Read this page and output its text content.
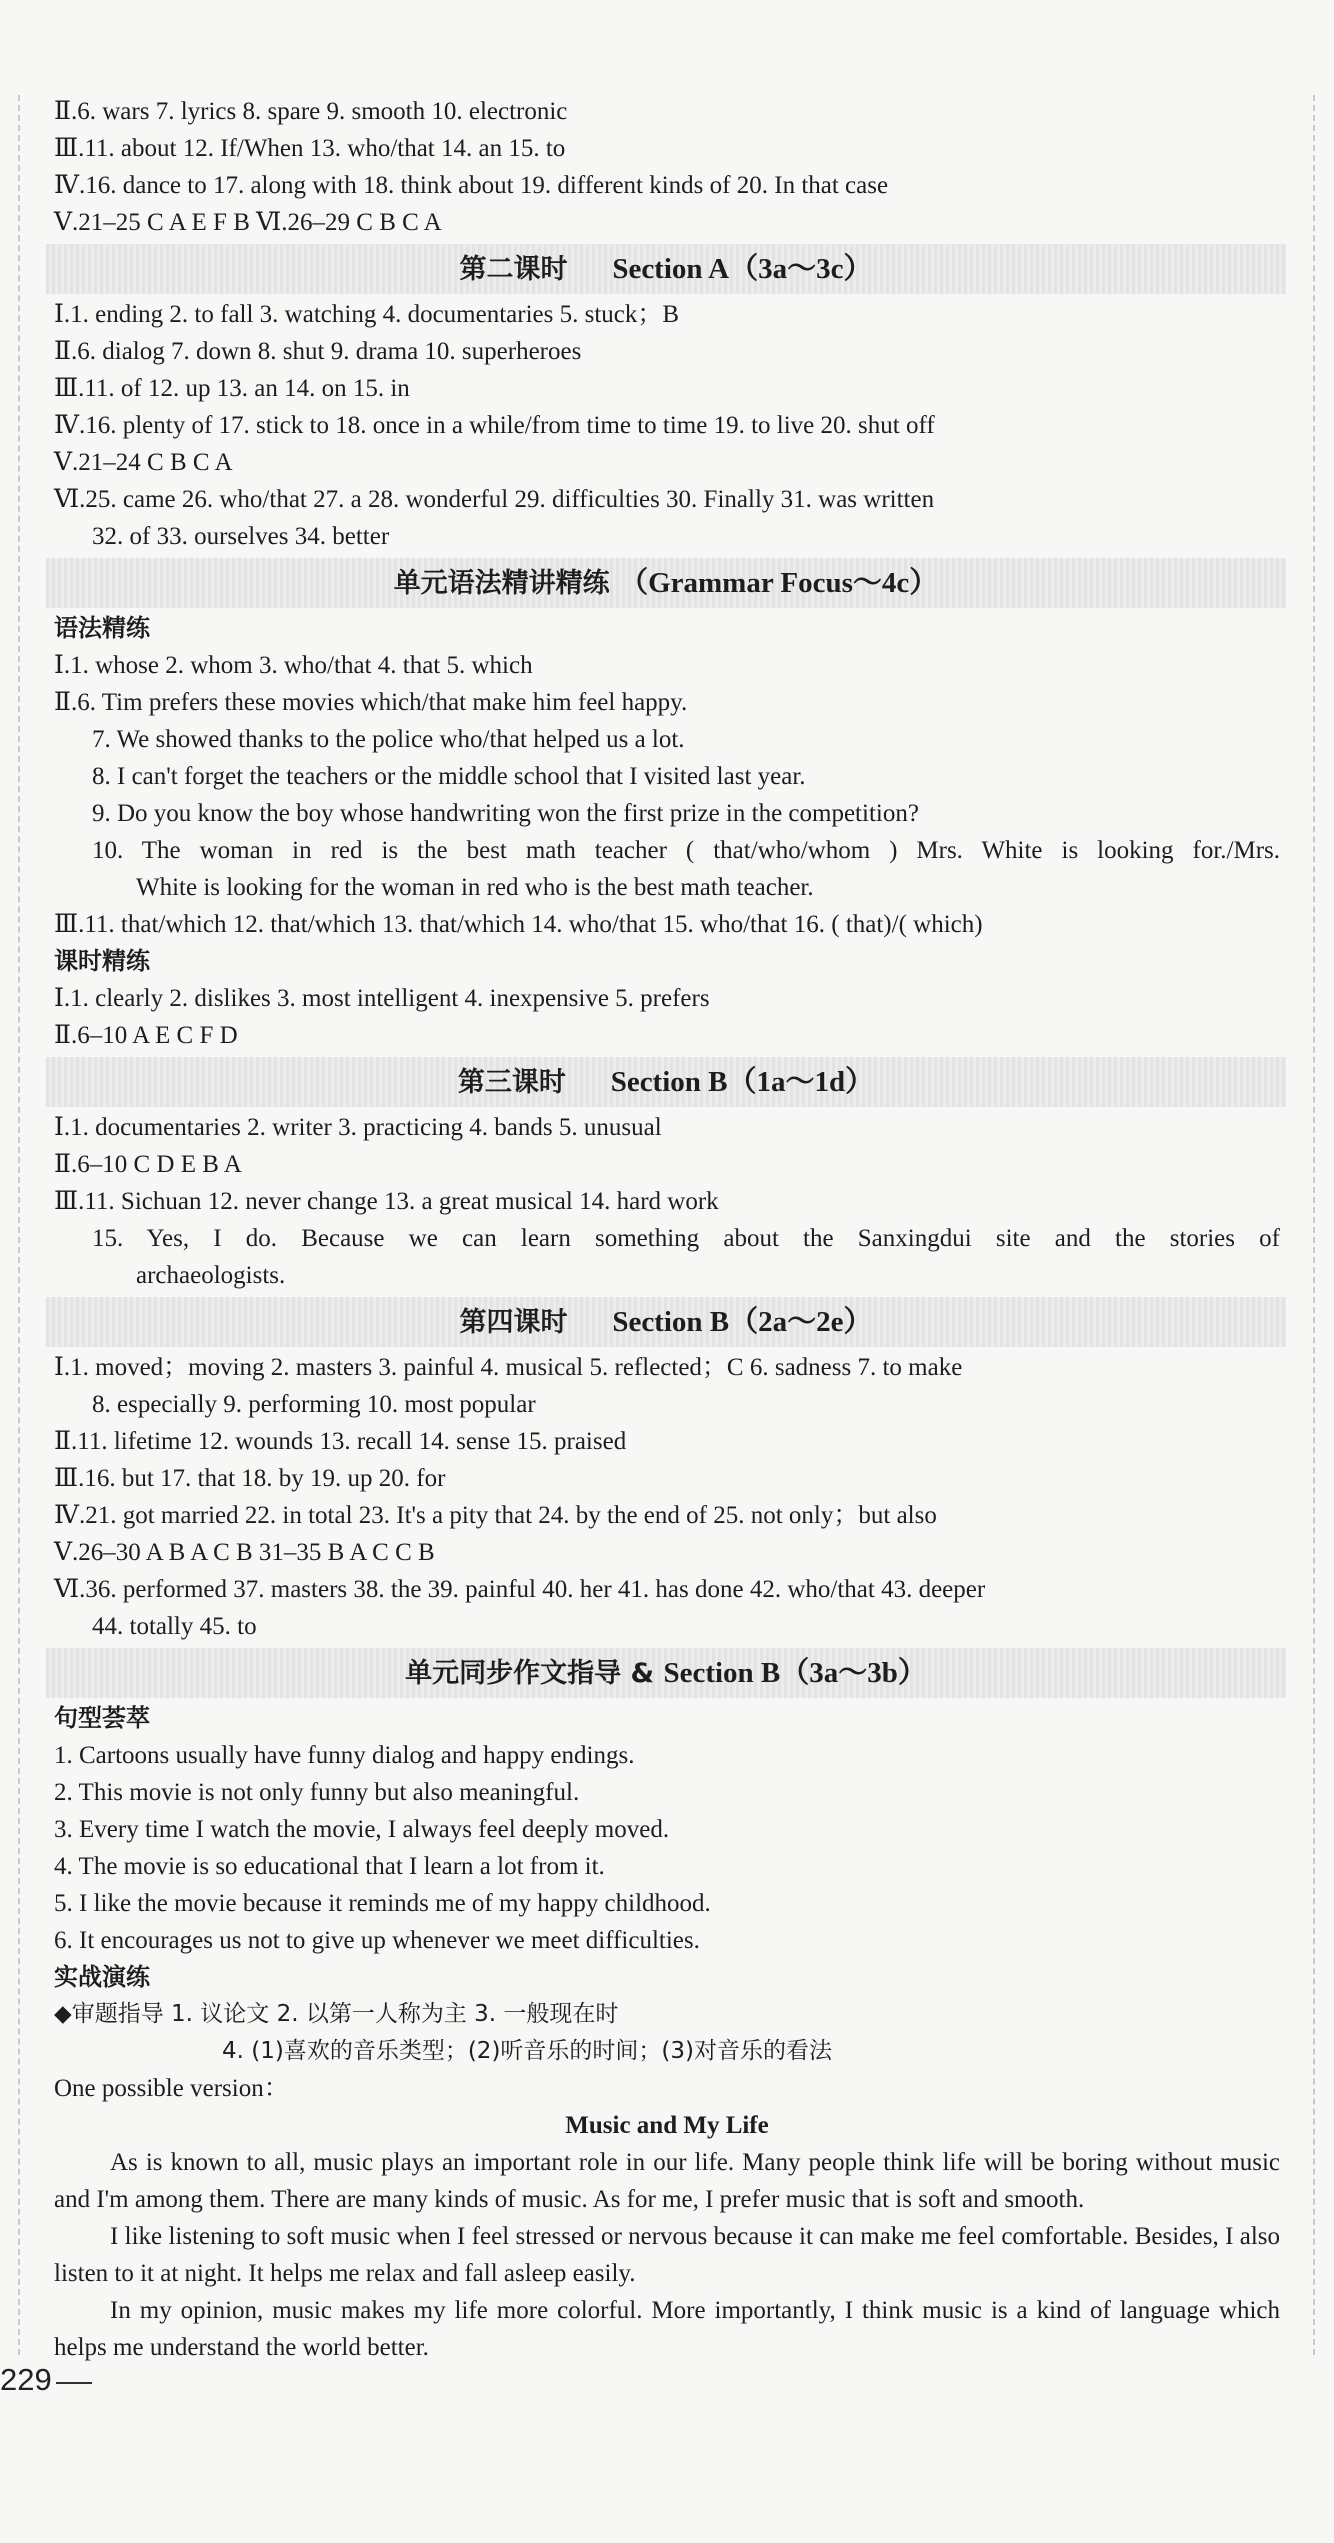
Ⅱ.6. wars 7. lyrics 8. spare 9. smooth 10. electronic
Ⅲ.11. about 12. If/When 13. who/that 14. an 15. to
Ⅳ.16. dance to 17. along with 18. think about 19. different kinds of 20. In that case
Ⅴ.21–25 C A E F B Ⅵ.26–29 C B C A
第二课时 Section A（3a～3c）
Ⅰ.1. ending 2. to fall 3. watching 4. documentaries 5. stuck；B
Ⅱ.6. dialog 7. down 8. shut 9. drama 10. superheroes
Ⅲ.11. of 12. up 13. an 14. on 15. in
Ⅳ.16. plenty of 17. stick to 18. once in a while/from time to time 19. to live 20. shut off
Ⅴ.21–24 C B C A
Ⅵ.25. came 26. who/that 27. a 28. wonderful 29. difficulties 30. Finally 31. was written
32. of 33. ourselves 34. better
单元语法精讲精练 （Grammar Focus～4c）
语法精练
Ⅰ.1. whose 2. whom 3. who/that 4. that 5. which
Ⅱ.6. Tim prefers these movies which/that make him feel happy.
7. We showed thanks to the police who/that helped us a lot.
8. I can't forget the teachers or the middle school that I visited last year.
9. Do you know the boy whose handwriting won the first prize in the competition?
10. The woman in red is the best math teacher ( that/who/whom ) Mrs. White is looking for./Mrs.
White is looking for the woman in red who is the best math teacher.
Ⅲ.11. that/which 12. that/which 13. that/which 14. who/that 15. who/that 16. ( that)/( which)
课时精练
Ⅰ.1. clearly 2. dislikes 3. most intelligent 4. inexpensive 5. prefers
Ⅱ.6–10 A E C F D
第三课时 Section B（1a～1d）
Ⅰ.1. documentaries 2. writer 3. practicing 4. bands 5. unusual
Ⅱ.6–10 C D E B A
Ⅲ.11. Sichuan 12. never change 13. a great musical 14. hard work
15. Yes, I do. Because we can learn something about the Sanxingdui site and the stories of
archaeologists.
第四课时 Section B（2a～2e）
Ⅰ.1. moved；moving 2. masters 3. painful 4. musical 5. reflected；C 6. sadness 7. to make
8. especially 9. performing 10. most popular
Ⅱ.11. lifetime 12. wounds 13. recall 14. sense 15. praised
Ⅲ.16. but 17. that 18. by 19. up 20. for
Ⅳ.21. got married 22. in total 23. It's a pity that 24. by the end of 25. not only；but also
Ⅴ.26–30 A B A C B 31–35 B A C C B
Ⅵ.36. performed 37. masters 38. the 39. painful 40. her 41. has done 42. who/that 43. deeper
44. totally 45. to
单元同步作文指导 & Section B（3a～3b）
句型荟萃
1. Cartoons usually have funny dialog and happy endings.
2. This movie is not only funny but also meaningful.
3. Every time I watch the movie, I always feel deeply moved.
4. The movie is so educational that I learn a lot from it.
5. I like the movie because it reminds me of my happy childhood.
6. It encourages us not to give up whenever we meet difficulties.
实战演练
◆审题指导 1. 议论文 2. 以第一人称为主 3. 一般现在时
4. (1)喜欢的音乐类型；(2)听音乐的时间；(3)对音乐的看法
One possible version：
Music and My Life
As is known to all, music plays an important role in our life. Many people think life will be boring without music and I'm among them. There are many kinds of music. As for me, I prefer music that is soft and smooth.
I like listening to soft music when I feel stressed or nervous because it can make me feel comfortable. Besides, I also listen to it at night. It helps me relax and fall asleep easily.
In my opinion, music makes my life more colorful. More importantly, I think music is a kind of language which helps me understand the world better.
229
